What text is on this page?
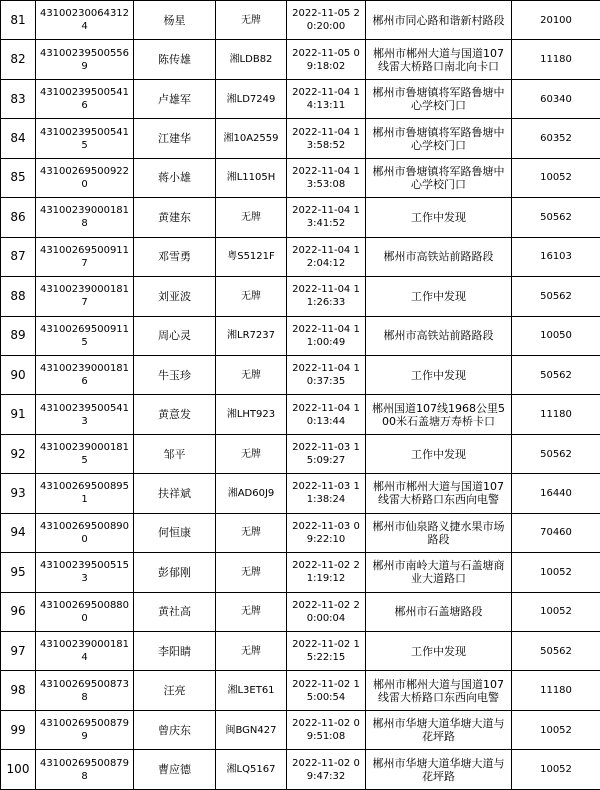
81	431002300643124	杨星	无牌	2022-11-05 20:20:00	郴州市同心路和谐新村路段	20100
82	431002395005569	陈传雄	湘LDB82	2022-11-05 09:18:02	郴州市郴州大道与国道107线雷大桥路口南北向卡口	11180
83	431002395005416	卢雄军	湘LD7249	2022-11-04 14:13:11	郴州市鲁塘镇将军路鲁塘中心学校门口	60340
84	431002395005415	江建华	湘10A2559	2022-11-04 13:58:52	郴州市鲁塘镇将军路鲁塘中心学校门口	60352
85	431002695009220	蒋小雄	湘L1105H	2022-11-04 13:53:08	郴州市鲁塘镇将军路鲁塘中心学校门口	10052
86	431002390001818	黄建东	无牌	2022-11-04 13:41:52	工作中发现	50562
87	431002695009117	邓雪勇	粤S5121F	2022-11-04 12:04:12	郴州市高铁站前路路段	16103
88	431002390001817	刘亚波	无牌	2022-11-04 11:26:33	工作中发现	50562
89	431002695009115	周心灵	湘LR7237	2022-11-04 11:00:49	郴州市高铁站前路路段	10050
90	431002390001816	牛玉珍	无牌	2022-11-04 10:37:35	工作中发现	50562
91	431002395005413	黄意发	湘LHT923	2022-11-04 10:13:44	郴州国道107线1968公里500米石盖塘万寿桥卡口	11180
92	431002390001815	邹平	无牌	2022-11-03 15:09:27	工作中发现	50562
93	431002695008951	扶祥斌	湘AD60J9	2022-11-03 11:38:24	郴州市郴州大道与国道107线雷大桥路口东西向电警	16440
94	431002695008900	何恒康	无牌	2022-11-03 09:22:10	郴州市仙泉路义捷水果市场路段	70460
95	431002395005153	彭郁刚	无牌	2022-11-02 21:19:12	郴州市南岭大道与石盖塘商业大道路口	10052
96	431002695008800	黄社高	无牌	2022-11-02 20:00:04	郴州市石盖塘路段	10052
97	431002390001814	李阳睛	无牌	2022-11-02 15:22:15	工作中发现	50562
98	431002695008738	汪亮	湘L3ET61	2022-11-02 15:00:54	郴州市郴州大道与国道107线雷大桥路口东西向电警	11180
99	431002695008799	曾庆东	闽BGN427	2022-11-02 09:51:08	郴州市华塘大道华塘大道与花坪路	10052
100	431002695008798	曹应德	湘LQ5167	2022-11-02 09:47:32	郴州市华塘大道华塘大道与花坪路	10052
